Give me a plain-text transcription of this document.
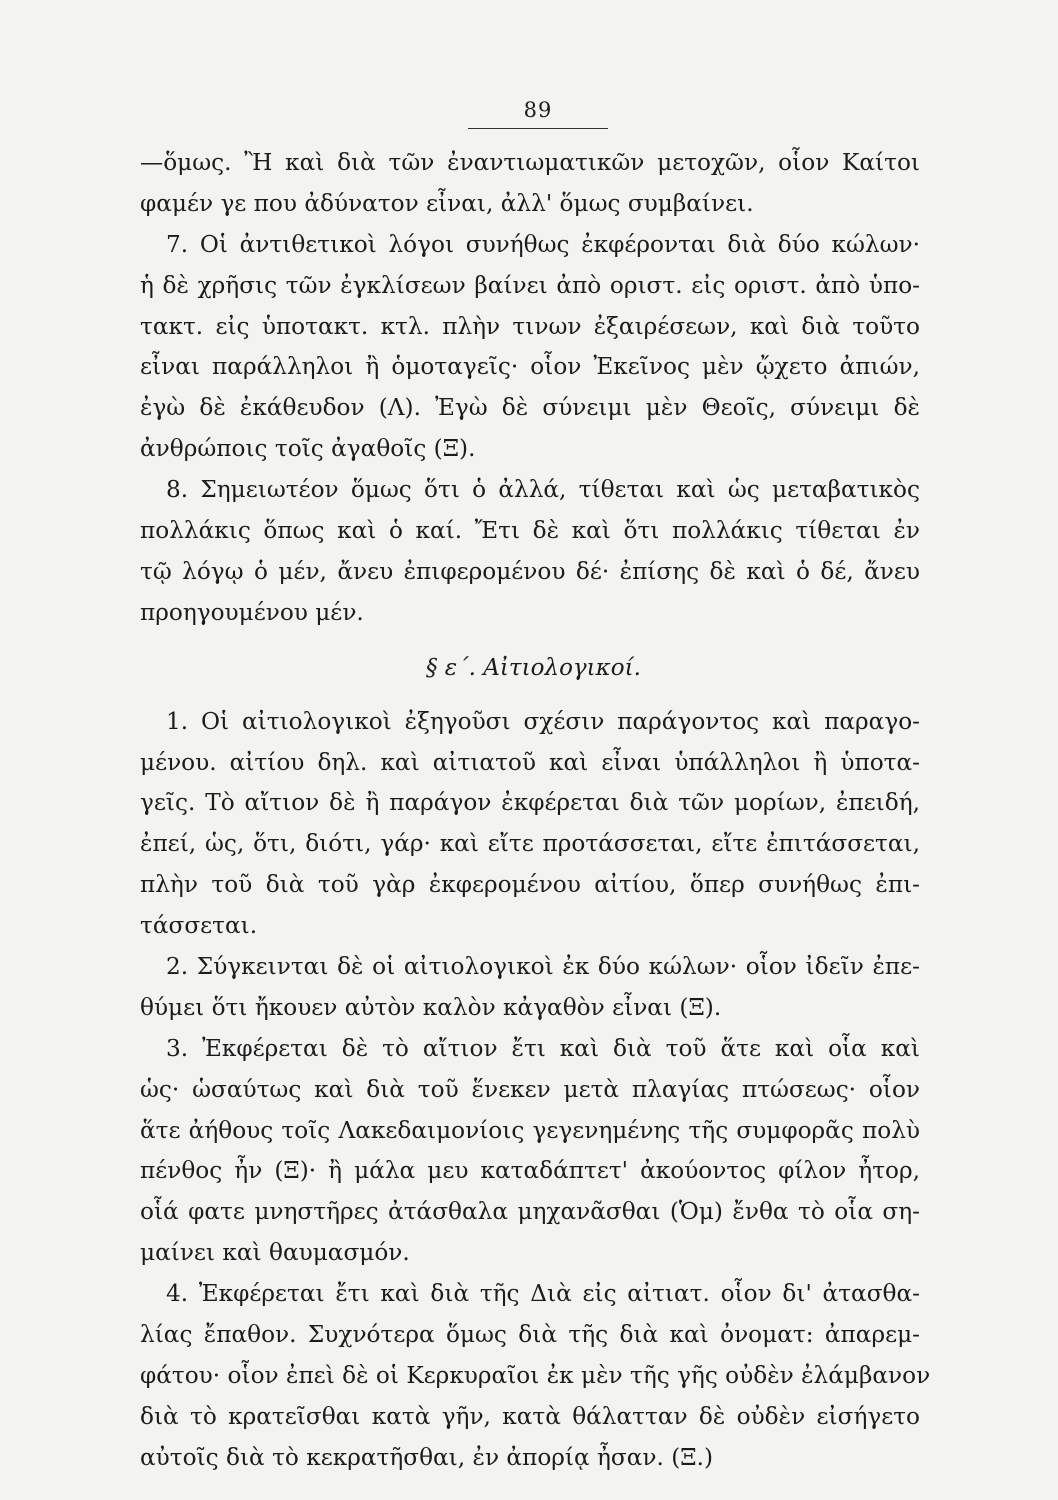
89
—ὅμως. Ἢ καὶ διὰ τῶν ἐναντιωματικῶν μετοχῶν, οἷον Καίτοι
φαμέν γε που ἀδύνατον εἶναι, ἀλλ' ὅμως συμβαίνει.
7. Οἱ ἀντιθετικοὶ λόγοι συνήθως ἐκφέρονται διὰ δύο κώλων·
ἡ δὲ χρῆσις τῶν ἐγκλίσεων βαίνει ἀπὸ οριστ. εἰς οριστ. ἀπὸ ὑπο-
τακτ. εἰς ὑποτακτ. κτλ. πλὴν τινων ἐξαιρέσεων, καὶ διὰ τοῦτο
εἶναι παράλληλοι ἢ ὁμοταγεῖς· οἷον Ἐκεῖνος μὲν ᾤχετο ἀπιών,
ἐγὼ δὲ ἐκάθευδον (Λ). Ἐγὼ δὲ σύνειμι μὲν Θεοῖς, σύνειμι δὲ
ἀνθρώποις τοῖς ἀγαθοῖς (Ξ).
8. Σημειωτέον ὅμως ὅτι ὁ ἀλλά, τίθεται καὶ ὡς μεταβατικὸς
πολλάκις ὅπως καὶ ὁ καί. Ἔτι δὲ καὶ ὅτι πολλάκις τίθεται ἐν
τῷ λόγῳ ὁ μέν, ἄνευ ἐπιφερομένου δέ· ἐπίσης δὲ καὶ ὁ δέ, ἄνευ
προηγουμένου μέν.
§ ε΄. Αἰτιολογικοί.
1. Οἱ αἰτιολογικοὶ ἐξηγοῦσι σχέσιν παράγοντος καὶ παραγο-
μένου. αἰτίου δηλ. καὶ αἰτιατοῦ καὶ εἶναι ὑπάλληλοι ἢ ὑποτα-
γεῖς. Τὸ αἴτιον δὲ ἢ παράγον ἐκφέρεται διὰ τῶν μορίων, ἐπειδή,
ἐπεί, ὡς, ὅτι, διότι, γάρ· καὶ εἴτε προτάσσεται, εἴτε ἐπιτάσσεται,
πλὴν τοῦ διὰ τοῦ γὰρ ἐκφερομένου αἰτίου, ὅπερ συνήθως ἐπι-
τάσσεται.
2. Σύγκεινται δὲ οἱ αἰτιολογικοὶ ἐκ δύο κώλων· οἷον ἰδεῖν ἐπε-
θύμει ὅτι ἤκουεν αὐτὸν καλὸν κἀγαθὸν εἶναι (Ξ).
3. Ἐκφέρεται δὲ τὸ αἴτιον ἔτι καὶ διὰ τοῦ ἅτε καὶ οἷα καὶ
ὡς· ὡσαύτως καὶ διὰ τοῦ ἕνεκεν μετὰ πλαγίας πτώσεως· οἷον
ἅτε ἀήθους τοῖς Λακεδαιμονίοις γεγενημένης τῆς συμφορᾶς πολὺ
πένθος ἦν (Ξ)· ἢ μάλα μευ καταδάπτετ' ἀκούοντος φίλον ἦτορ,
οἷά φατε μνηστῆρες ἀτάσθαλα μηχανᾶσθαι (Ὁμ) ἔνθα τὸ οἷα ση-
μαίνει καὶ θαυμασμόν.
4. Ἐκφέρεται ἔτι καὶ διὰ τῆς Διὰ εἰς αἰτιατ. οἷον δι' ἀτασθα-
λίας ἔπαθον. Συχνότερα ὅμως διὰ τῆς διὰ καὶ ὀνοματ: ἀπαρεμ-
φάτου· οἷον ἐπεὶ δὲ οἱ Κερκυραῖοι ἐκ μὲν τῆς γῆς οὐδὲν ἐλάμβανον
διὰ τὸ κρατεῖσθαι κατὰ γῆν, κατὰ θάλατταν δὲ οὐδὲν εἰσήγετο
αὐτοῖς διὰ τὸ κεκρατῆσθαι, ἐν ἀπορίᾳ ἦσαν. (Ξ.)
